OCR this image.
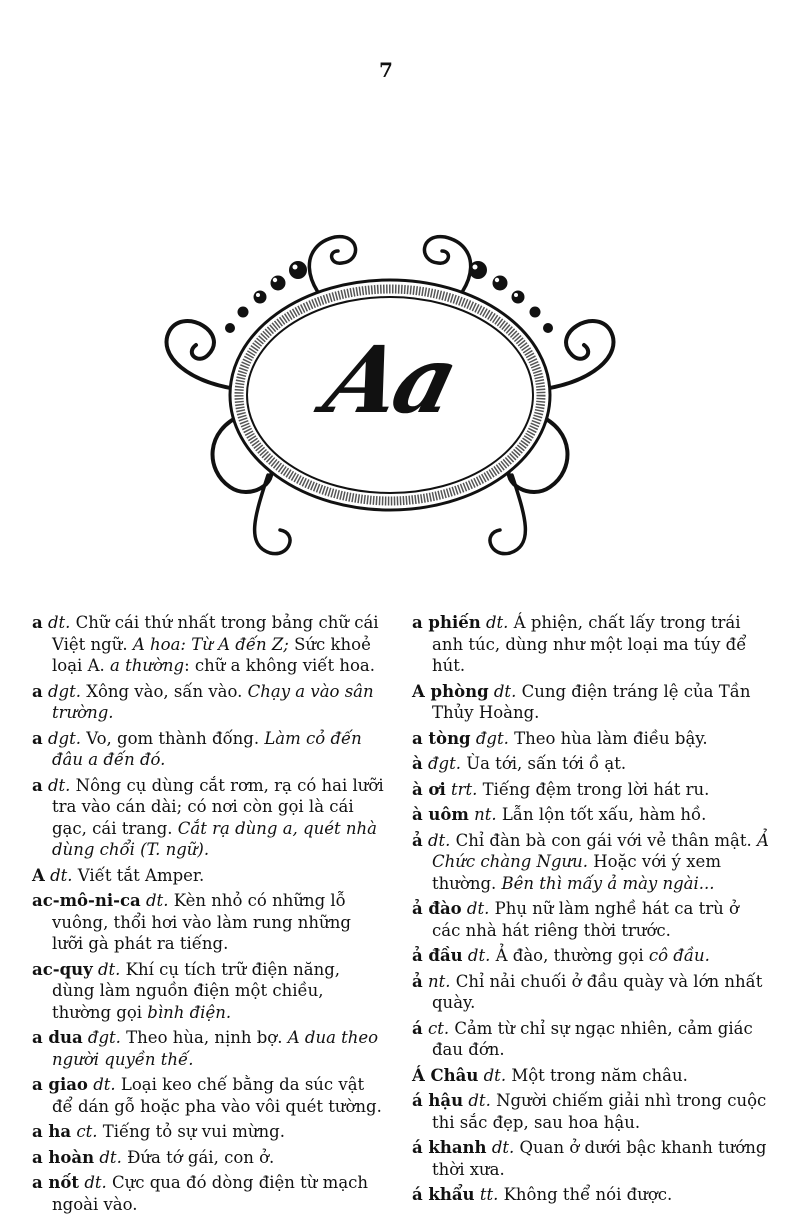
7
Aa

a dt. Chữ cái thứ nhất trong bảng chữ cái Việt ngữ. A hoa: Từ A đến Z; Sức khoẻ loại A. a thường: chữ a không viết hoa.

a dgt. Xông vào, sấn vào. Chạy a vào sân trường.

a dgt. Vo, gom thành đống. Làm cỏ đến đâu a đến đó.

a dt. Nông cụ dùng cắt rơm, rạ có hai lưỡi tra vào cán dài; có nơi còn gọi là cái gạc, cái trang. Cắt rạ dùng a, quét nhà dùng chổi (T. ngữ).

A dt. Viết tắt Amper.

ac-mô-ni-ca dt. Kèn nhỏ có những lỗ vuông, thổi hơi vào làm rung những lưỡi gà phát ra tiếng.

ac-quy dt. Khí cụ tích trữ điện năng, dùng làm nguồn điện một chiều, thường gọi bình điện.

a dua đgt. Theo hùa, nịnh bợ. A dua theo người quyền thế.

a giao dt. Loại keo chế bằng da súc vật để dán gỗ hoặc pha vào vôi quét tường.

a ha ct. Tiếng tỏ sự vui mừng.

a hoàn dt. Đứa tớ gái, con ở.

a nốt dt. Cực qua đó dòng điện từ mạch ngoài vào.

a phiến dt. Á phiện, chất lấy trong trái anh túc, dùng như một loại ma túy để hút.

A phòng dt. Cung điện tráng lệ của Tần Thủy Hoàng.

a tòng đgt. Theo hùa làm điều bậy.

à đgt. Ùa tới, sấn tới ồ ạt.

à ơi trt. Tiếng đệm trong lời hát ru.

à uôm nt. Lẫn lộn tốt xấu, hàm hồ.

ả dt. Chỉ đàn bà con gái với vẻ thân mật. Ả Chức chàng Ngưu. Hoặc với ý xem thường. Bên thì mấy ả mày ngài...

ả đào dt. Phụ nữ làm nghề hát ca trù ở các nhà hát riêng thời trước.

ả đầu dt. Ả đào, thường gọi cô đầu.

ả nt. Chỉ nải chuối ở đầu quày và lớn nhất quày.

á ct. Cảm từ chỉ sự ngạc nhiên, cảm giác đau đớn.

Á Châu dt. Một trong năm châu.

á hậu dt. Người chiếm giải nhì trong cuộc thi sắc đẹp, sau hoa hậu.

á khanh dt. Quan ở dưới bậc khanh tướng thời xưa.

á khẩu tt. Không thể nói được.
